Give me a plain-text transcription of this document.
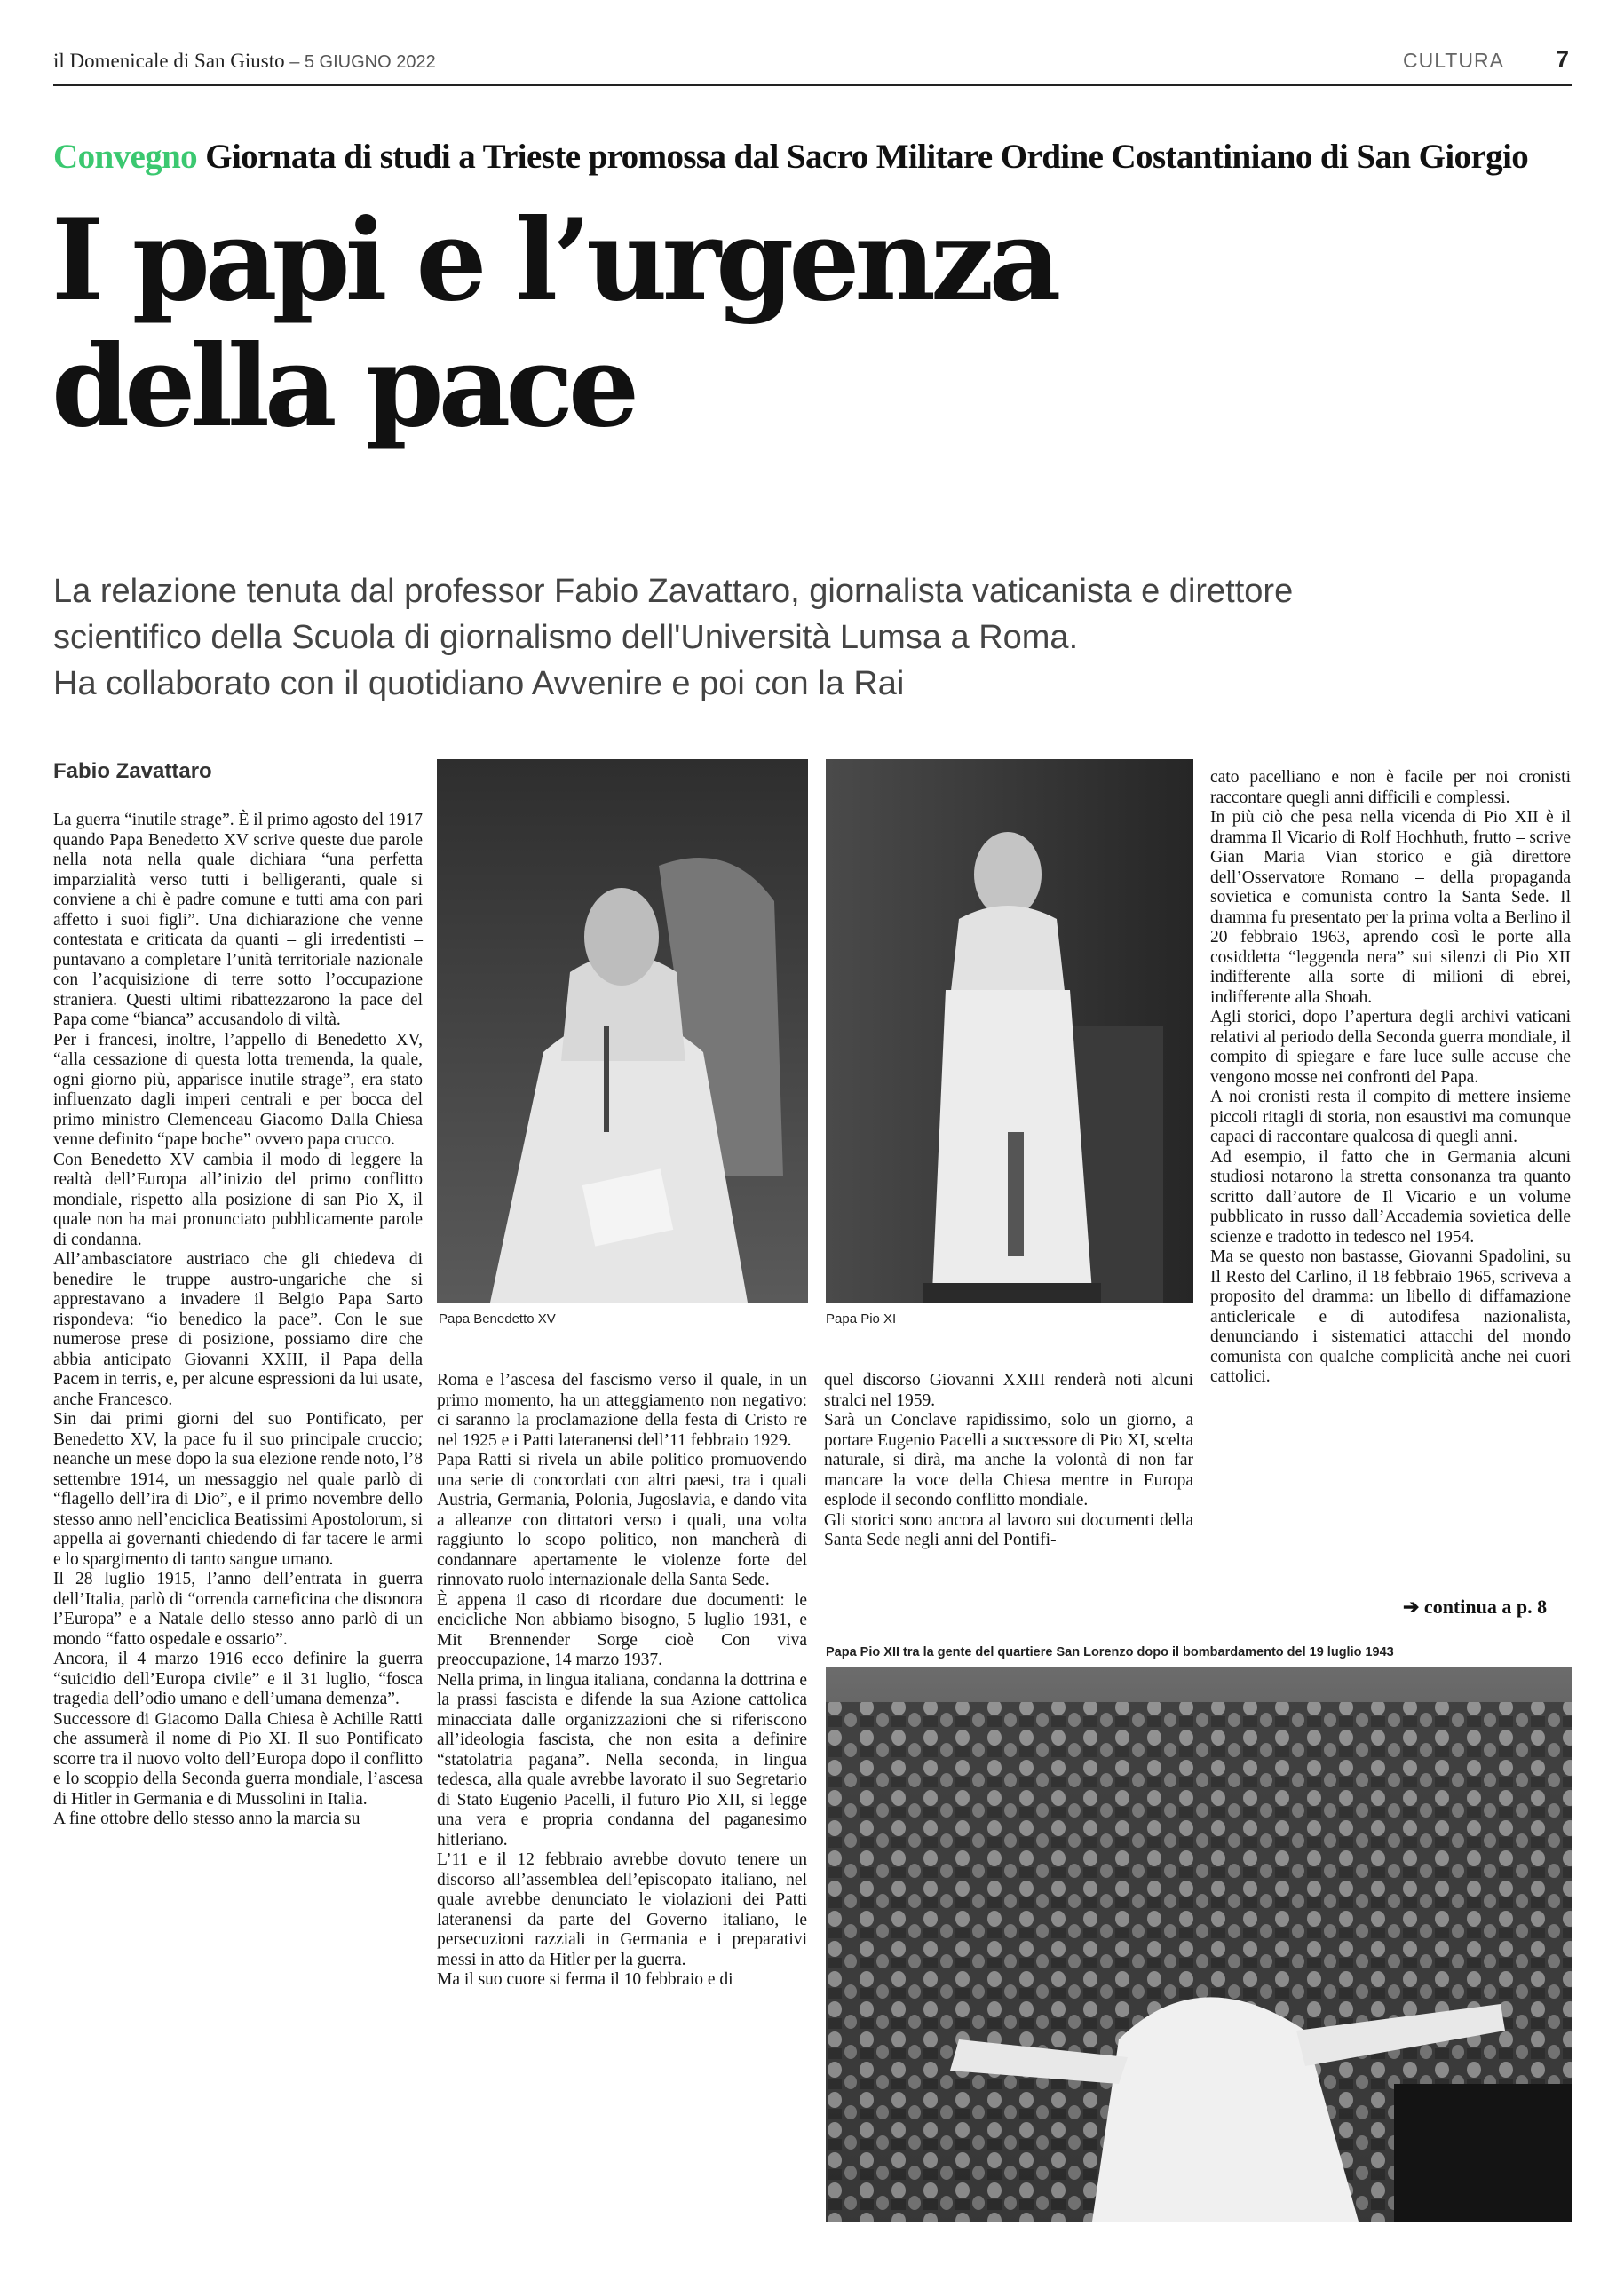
il Domenicale di San Giusto – 5 GIUGNO 2022	CULTURA 7
Convegno Giornata di studi a Trieste promossa dal Sacro Militare Ordine Costantiniano di San Giorgio
I papi e l’urgenza
della pace

La relazione tenuta dal professor Fabio Zavattaro, giornalista vaticanista e direttore
scientifico della Scuola di giornalismo dell'Università Lumsa a Roma.
Ha collaborato con il quotidiano Avvenire e poi con la Rai

Fabio Zavattaro

La guerra “inutile strage”. È il primo agosto del 1917 quando Papa Benedetto XV scrive queste due parole nella nota nella quale dichiara “una perfetta imparzialità verso tutti i belligeranti, quale si conviene a chi è padre comune e tutti ama con pari affetto i suoi figli”. Una dichiarazione che venne contestata e criticata da quanti – gli irredentisti – puntavano a completare l’unità territoriale nazionale con l’acquisizione di terre sotto l’occupazione straniera. Questi ultimi ribattezzarono la pace del Papa come “bianca” accusandolo di viltà.

Per i francesi, inoltre, l’appello di Benedetto XV, “alla cessazione di questa lotta tremenda, la quale, ogni giorno più, apparisce inutile strage”, era stato influenzato dagli imperi centrali e per bocca del primo ministro Clemenceau Giacomo Dalla Chiesa venne definito “pape boche” ovvero papa crucco.

Con Benedetto XV cambia il modo di leggere la realtà dell’Europa all’inizio del primo conflitto mondiale, rispetto alla posizione di san Pio X, il quale non ha mai pronunciato pubblicamente parole di condanna.

All’ambasciatore austriaco che gli chiedeva di benedire le truppe austro-ungariche che si apprestavano a invadere il Belgio Papa Sarto rispondeva: “io benedico la pace”. Con le sue numerose prese di posizione, possiamo dire che abbia anticipato Giovanni XXIII, il Papa della Pacem in terris, e, per alcune espressioni da lui usate, anche Francesco.

Sin dai primi giorni del suo Pontificato, per Benedetto XV, la pace fu il suo principale cruccio; neanche un mese dopo la sua elezione rende noto, l’8 settembre 1914, un messaggio nel quale parlò di “flagello dell’ira di Dio”, e il primo novembre dello stesso anno nell’enciclica Beatissimi Apostolorum, si appella ai governanti chiedendo di far tacere le armi e lo spargimento di tanto sangue umano.

Il 28 luglio 1915, l’anno dell’entrata in guerra dell’Italia, parlò di “orrenda carneficina che disonora l’Europa” e a Natale dello stesso anno parlò di un mondo “fatto ospedale e ossario”.

Ancora, il 4 marzo 1916 ecco definire la guerra “suicidio dell’Europa civile” e il 31 luglio, “fosca tragedia dell’odio umano e dell’umana demenza”.

Successore di Giacomo Dalla Chiesa è Achille Ratti che assumerà il nome di Pio XI. Il suo Pontificato scorre tra il nuovo volto dell’Europa dopo il conflitto e lo scoppio della Seconda guerra mondiale, l’ascesa di Hitler in Germania e di Mussolini in Italia.

A fine ottobre dello stesso anno la marcia su

Papa Benedetto XV	Papa Pio XI

Roma e l’ascesa del fascismo verso il quale, in un primo momento, ha un atteggiamento non negativo: ci saranno la proclamazione della festa di Cristo re nel 1925 e i Patti lateranensi dell’11 febbraio 1929.

Papa Ratti si rivela un abile politico promuovendo una serie di concordati con altri paesi, tra i quali Austria, Germania, Polonia, Jugoslavia, e dando vita a alleanze con dittatori verso i quali, una volta raggiunto lo scopo politico, non mancherà di condannare apertamente le violenze forte del rinnovato ruolo internazionale della Santa Sede.

È appena il caso di ricordare due documenti: le encicliche Non abbiamo bisogno, 5 luglio 1931, e Mit Brennender Sorge cioè Con viva preoccupazione, 14 marzo 1937.

Nella prima, in lingua italiana, condanna la dottrina e la prassi fascista e difende la sua Azione cattolica minacciata dalle organizzazioni che si riferiscono all’ideologia fascista, che non esita a definire “statolatria pagana”. Nella seconda, in lingua tedesca, alla quale avrebbe lavorato il suo Segretario di Stato Eugenio Pacelli, il futuro Pio XII, si legge una vera e propria condanna del paganesimo hitleriano.

L’11 e il 12 febbraio avrebbe dovuto tenere un discorso all’assemblea dell’episcopato italiano, nel quale avrebbe denunciato le violazioni dei Patti lateranensi da parte del Governo italiano, le persecuzioni razziali in Germania e i preparativi messi in atto da Hitler per la guerra.

Ma il suo cuore si ferma il 10 febbraio e di

quel discorso Giovanni XXIII renderà noti alcuni stralci nel 1959.

Sarà un Conclave rapidissimo, solo un giorno, a portare Eugenio Pacelli a successore di Pio XI, scelta naturale, si dirà, ma anche la volontà di non far mancare la voce della Chiesa mentre in Europa esplode il secondo conflitto mondiale.

Gli storici sono ancora al lavoro sui documenti della Santa Sede negli anni del Pontifi-

cato pacelliano e non è facile per noi cronisti raccontare quegli anni difficili e complessi.

In più ciò che pesa nella vicenda di Pio XII è il dramma Il Vicario di Rolf Hochhuth, frutto – scrive Gian Maria Vian storico e già direttore dell’Osservatore Romano – della propaganda sovietica e comunista contro la Santa Sede. Il dramma fu presentato per la prima volta a Berlino il 20 febbraio 1963, aprendo così le porte alla cosiddetta “leggenda nera” sui silenzi di Pio XII indifferente alla sorte di milioni di ebrei, indifferente alla Shoah.

Agli storici, dopo l’apertura degli archivi vaticani relativi al periodo della Seconda guerra mondiale, il compito di spiegare e fare luce sulle accuse che vengono mosse nei confronti del Papa.

A noi cronisti resta il compito di mettere insieme piccoli ritagli di storia, non esaustivi ma comunque capaci di raccontare qualcosa di quegli anni.

Ad esempio, il fatto che in Germania alcuni studiosi notarono la stretta consonanza tra quanto scritto dall’autore de Il Vicario e un volume pubblicato in russo dall’Accademia sovietica delle scienze e tradotto in tedesco nel 1954.

Ma se questo non bastasse, Giovanni Spadolini, su Il Resto del Carlino, il 18 febbraio 1965, scriveva a proposito del dramma: un libello di diffamazione anticlericale e di autodifesa nazionalista, denunciando i sistematici attacchi del mondo comunista con qualche complicità anche nei cuori cattolici.

➔ continua a p. 8
Papa Pio XII tra la gente del quartiere San Lorenzo dopo il bombardamento del 19 luglio 1943
